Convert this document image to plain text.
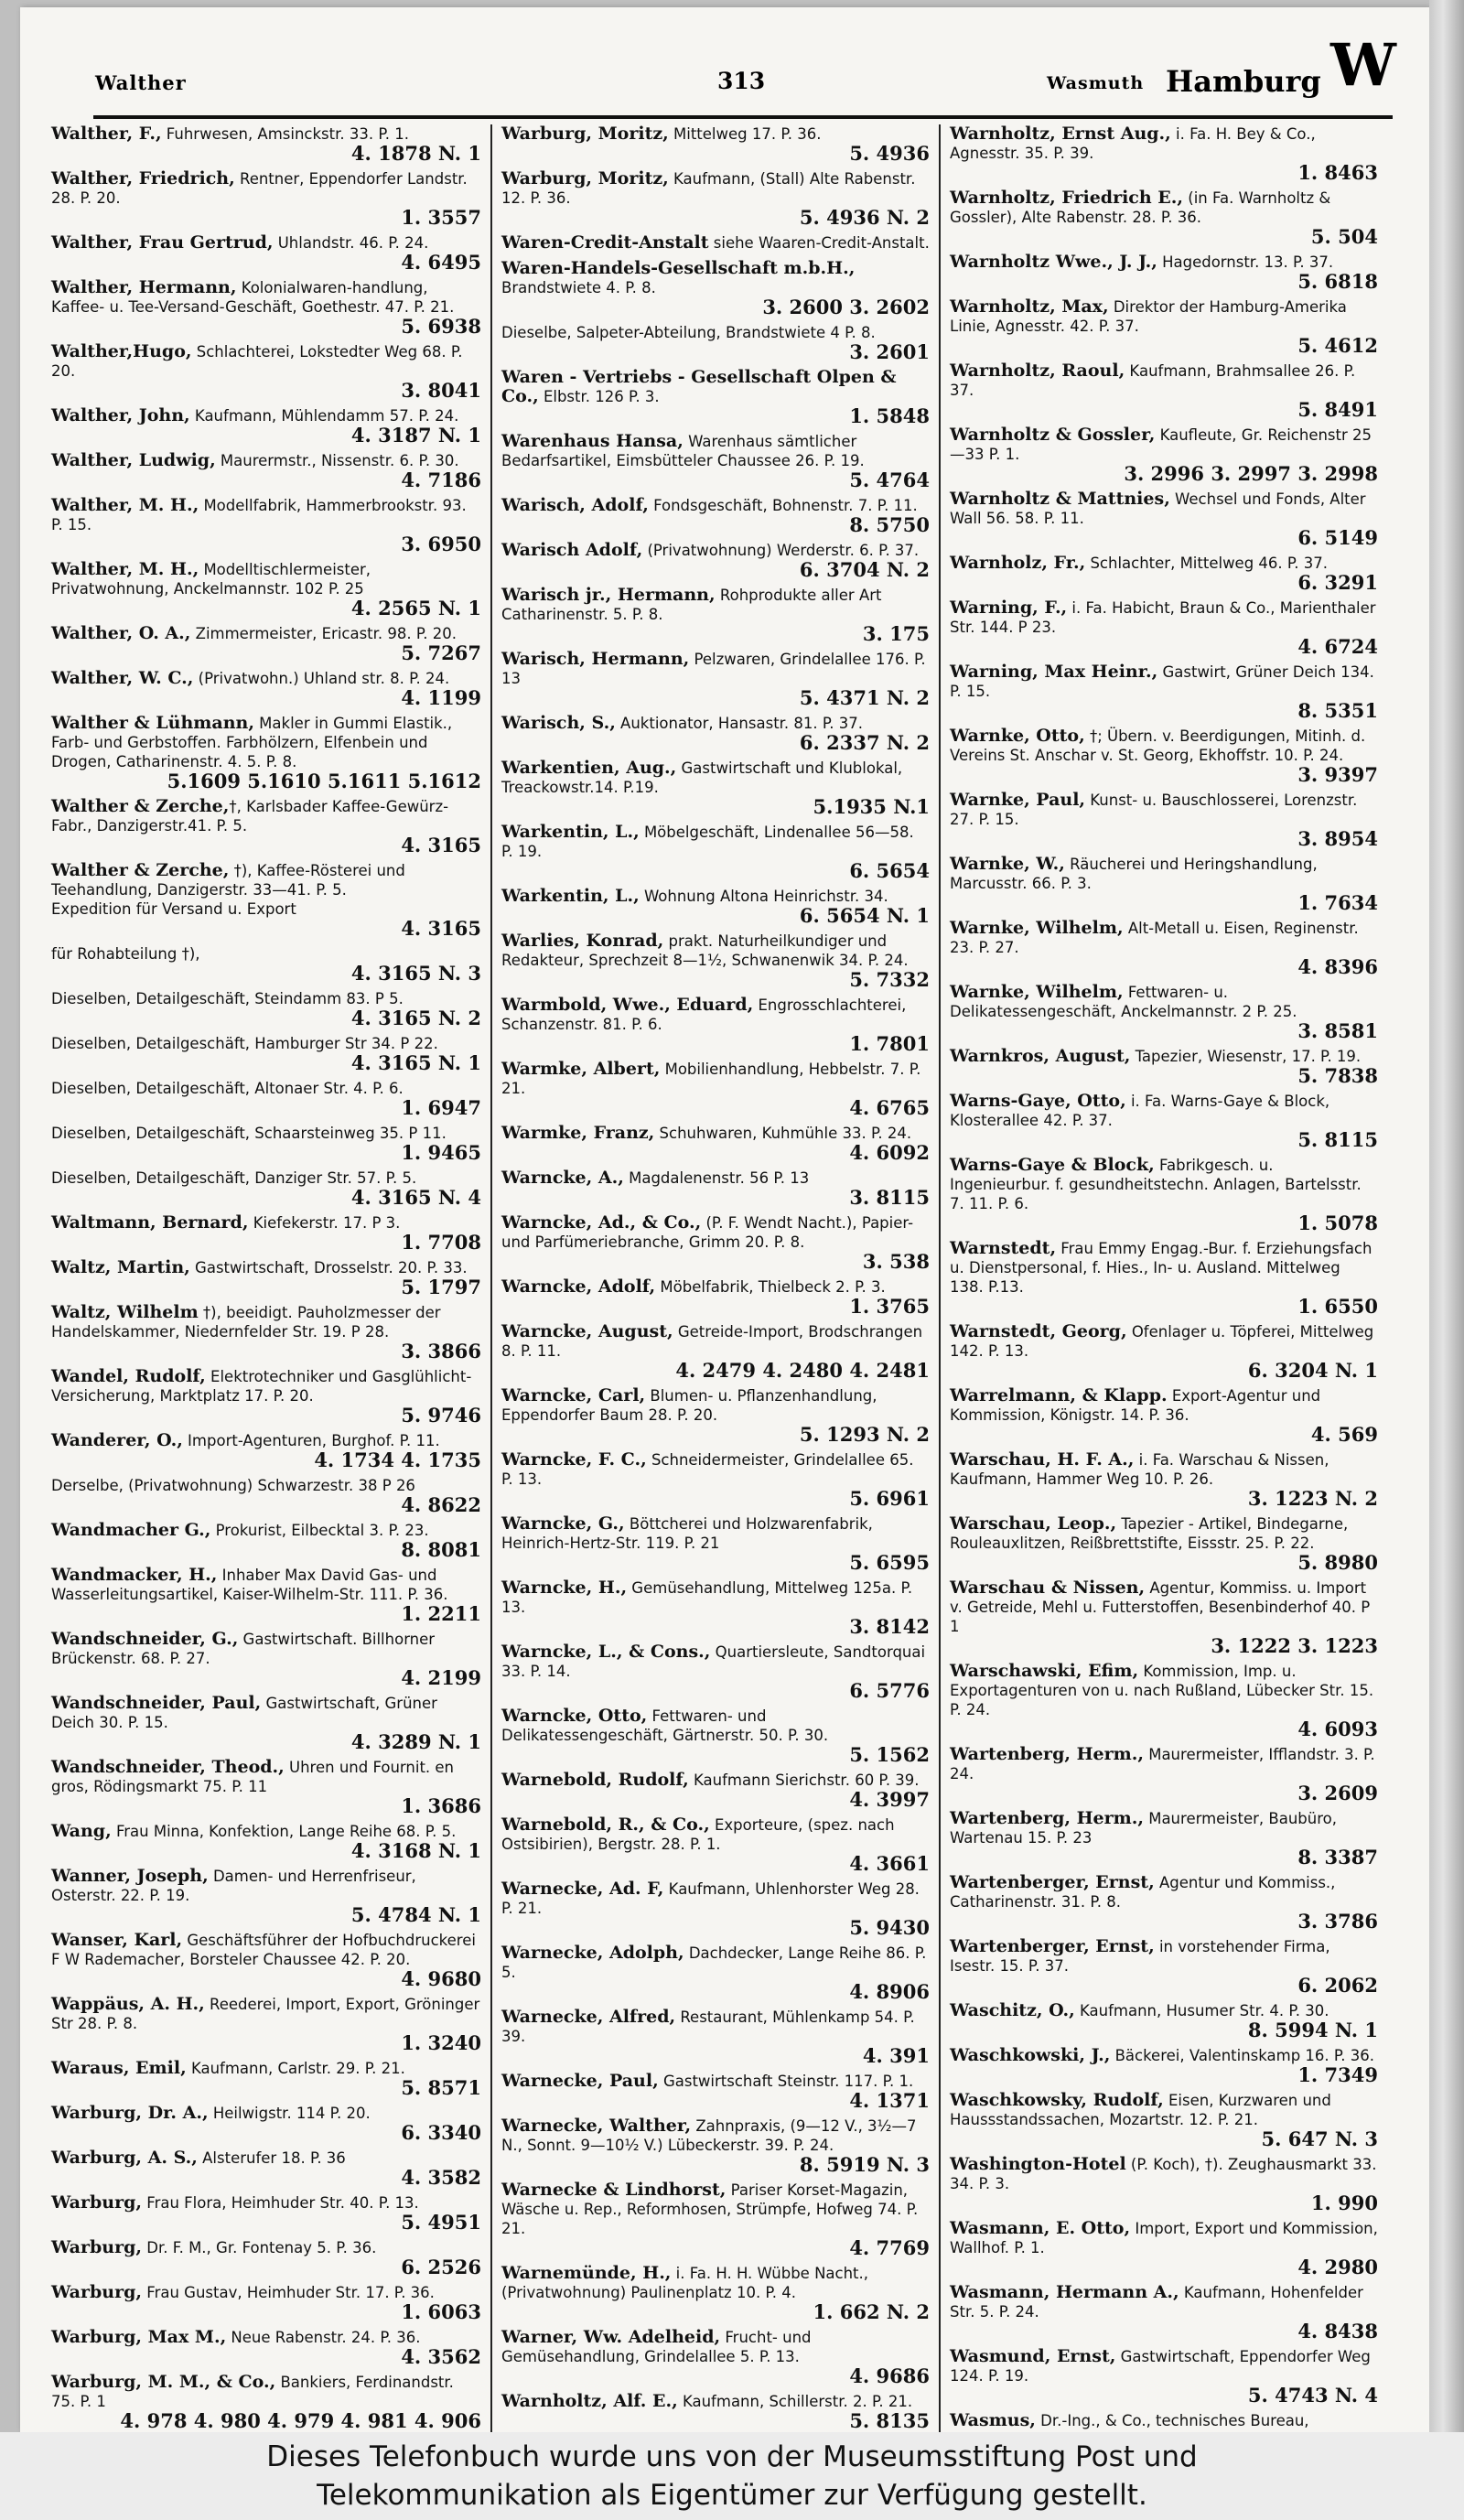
Walther	313	Wasmuth Hamburg W
Walther, F., Fuhrwesen, Amsinckstr. 33. P. 1.
4. 1878 N. 1
Walther, Friedrich, Rentner, Eppendorfer Landstr. 28. P. 20.
1. 3557
Walther, Frau Gertrud, Uhlandstr. 46. P. 24.
4. 6495
Walther, Hermann, Kolonialwaren-handlung, Kaffee- u. Tee-Versand-Geschäft, Goethestr. 47. P. 21.
5. 6938
Walther,Hugo, Schlachterei, Lokstedter Weg 68. P. 20.
3. 8041
Walther, John, Kaufmann, Mühlendamm 57. P. 24.
4. 3187 N. 1
Walther, Ludwig, Maurermstr., Nissenstr. 6. P. 30.
4. 7186
Walther, M. H., Modellfabrik, Hammerbrookstr. 93. P. 15.
3. 6950
Walther, M. H., Modelltischlermeister, Privatwohnung, Anckelmannstr. 102 P. 25
4. 2565 N. 1
Walther, O. A., Zimmermeister, Ericastr. 98. P. 20.
5. 7267
Walther, W. C., (Privatwohn.) Uhland str. 8. P. 24.
4. 1199
Walther & Lühmann, Makler in Gummi Elastik., Farb- und Gerbstoffen. Farbhölzern, Elfenbein und Drogen, Catharinenstr. 4. 5. P. 8.
5.1609 5.1610 5.1611 5.1612
Walther & Zerche,†, Karlsbader Kaffee-Gewürz-Fabr., Danzigerstr.41. P. 5.
4. 3165
Walther & Zerche, †), Kaffee-Rösterei und Teehandlung, Danzigerstr. 33—41. P. 5.
Expedition für Versand u. Export
4. 3165
für Rohabteilung †),
4. 3165 N. 3
Dieselben, Detailgeschäft, Steindamm 83. P 5.
4. 3165 N. 2
Dieselben, Detailgeschäft, Hamburger Str 34. P 22.
4. 3165 N. 1
Dieselben, Detailgeschäft, Altonaer Str. 4. P. 6.
1. 6947
Dieselben, Detailgeschäft, Schaarsteinweg 35. P 11.
1. 9465
Dieselben, Detailgeschäft, Danziger Str. 57. P. 5.
4. 3165 N. 4
Waltmann, Bernard, Kiefekerstr. 17. P 3.
1. 7708
Waltz, Martin, Gastwirtschaft, Drosselstr. 20. P. 33.
5. 1797
Waltz, Wilhelm †), beeidigt. Pauholzmesser der Handelskammer, Niedernfelder Str. 19. P 28.
3. 3866
Wandel, Rudolf, Elektrotechniker und Gasglühlicht-Versicherung, Marktplatz 17. P. 20.
5. 9746
Wanderer, O., Import-Agenturen, Burghof. P. 11.
4. 1734 4. 1735
Derselbe, (Privatwohnung) Schwarzestr. 38 P 26
4. 8622
Wandmacher G., Prokurist, Eilbecktal 3. P. 23.
8. 8081
Wandmacker, H., Inhaber Max David Gas- und Wasserleitungsartikel, Kaiser-Wilhelm-Str. 111. P. 36.
1. 2211
Wandschneider, G., Gastwirtschaft. Billhorner Brückenstr. 68. P. 27.
4. 2199
Wandschneider, Paul, Gastwirtschaft, Grüner Deich 30. P. 15.
4. 3289 N. 1
Wandschneider, Theod., Uhren und Fournit. en gros, Rödingsmarkt 75. P. 11
1. 3686
Wang, Frau Minna, Konfektion, Lange Reihe 68. P. 5.
4. 3168 N. 1
Wanner, Joseph, Damen- und Herrenfriseur, Osterstr. 22. P. 19.
5. 4784 N. 1
Wanser, Karl, Geschäftsführer der Hofbuchdruckerei F W Rademacher, Borsteler Chaussee 42. P. 20.
4. 9680
Wappäus, A. H., Reederei, Import, Export, Gröninger Str 28. P. 8.
1. 3240
Waraus, Emil, Kaufmann, Carlstr. 29. P. 21.
5. 8571
Warburg, Dr. A., Heilwigstr. 114 P. 20.
6. 3340
Warburg, A. S., Alsterufer 18. P. 36
4. 3582
Warburg, Frau Flora, Heimhuder Str. 40. P. 13.
5. 4951
Warburg, Dr. F. M., Gr. Fontenay 5. P. 36.
6. 2526
Warburg, Frau Gustav, Heimhuder Str. 17. P. 36.
1. 6063
Warburg, Max M., Neue Rabenstr. 24. P. 36.
4. 3562
Warburg, M. M., & Co., Bankiers, Ferdinandstr. 75. P. 1
4. 978 4. 980 4. 979 4. 981 4. 906
Warburg, Moritz, Mittelweg 17. P. 36.
5. 4936
Warburg, Moritz, Kaufmann, (Stall) Alte Rabenstr. 12. P. 36.
5. 4936 N. 2
Waren-Credit-Anstalt siehe Waaren-Credit-Anstalt.
Waren-Handels-Gesellschaft m.b.H., Brandstwiete 4. P. 8.
3. 2600 3. 2602
Dieselbe, Salpeter-Abteilung, Brandstwiete 4 P. 8.
3. 2601
Waren - Vertriebs - Gesellschaft Olpen & Co., Elbstr. 126 P. 3.
1. 5848
Warenhaus Hansa, Warenhaus sämtlicher Bedarfsartikel, Eimsbütteler Chaussee 26. P. 19.
5. 4764
Warisch, Adolf, Fondsgeschäft, Bohnenstr. 7. P. 11.
8. 5750
Warisch Adolf, (Privatwohnung) Werderstr. 6. P. 37.
6. 3704 N. 2
Warisch jr., Hermann, Rohprodukte aller Art Catharinenstr. 5. P. 8.
3. 175
Warisch, Hermann, Pelzwaren, Grindelallee 176. P. 13
5. 4371 N. 2
Warisch, S., Auktionator, Hansastr. 81. P. 37.
6. 2337 N. 2
Warkentien, Aug., Gastwirtschaft und Klublokal, Treackowstr.14. P.19.
5.1935 N.1
Warkentin, L., Möbelgeschäft, Lindenallee 56—58. P. 19.
6. 5654
Warkentin, L., Wohnung Altona Heinrichstr. 34.
6. 5654 N. 1
Warlies, Konrad, prakt. Naturheilkundiger und Redakteur, Sprechzeit 8—1½, Schwanenwik 34. P. 24.
5. 7332
Warmbold, Wwe., Eduard, Engrosschlachterei, Schanzenstr. 81. P. 6.
1. 7801
Warmke, Albert, Mobilienhandlung, Hebbelstr. 7. P. 21.
4. 6765
Warmke, Franz, Schuhwaren, Kuhmühle 33. P. 24.
4. 6092
Warncke, A., Magdalenenstr. 56 P. 13
3. 8115
Warncke, Ad., & Co., (P. F. Wendt Nacht.), Papier- und Parfümeriebranche, Grimm 20. P. 8.
3. 538
Warncke, Adolf, Möbelfabrik, Thielbeck 2. P. 3.
1. 3765
Warncke, August, Getreide-Import, Brodschrangen 8. P. 11.
4. 2479 4. 2480 4. 2481
Warncke, Carl, Blumen- u. Pflanzenhandlung, Eppendorfer Baum 28. P. 20.
5. 1293 N. 2
Warncke, F. C., Schneidermeister, Grindelallee 65. P. 13.
5. 6961
Warncke, G., Böttcherei und Holzwarenfabrik, Heinrich-Hertz-Str. 119. P. 21
5. 6595
Warncke, H., Gemüsehandlung, Mittelweg 125a. P. 13.
3. 8142
Warncke, L., & Cons., Quartiersleute, Sandtorquai 33. P. 14.
6. 5776
Warncke, Otto, Fettwaren- und Delikatessengeschäft, Gärtnerstr. 50. P. 30.
5. 1562
Warnebold, Rudolf, Kaufmann Sierichstr. 60 P. 39.
4. 3997
Warnebold, R., & Co., Exporteure, (spez. nach Ostsibirien), Bergstr. 28. P. 1.
4. 3661
Warnecke, Ad. F, Kaufmann, Uhlenhorster Weg 28. P. 21.
5. 9430
Warnecke, Adolph, Dachdecker, Lange Reihe 86. P. 5.
4. 8906
Warnecke, Alfred, Restaurant, Mühlenkamp 54. P. 39.
4. 391
Warnecke, Paul, Gastwirtschaft Steinstr. 117. P. 1.
4. 1371
Warnecke, Walther, Zahnpraxis, (9—12 V., 3½—7 N., Sonnt. 9—10½ V.) Lübeckerstr. 39. P. 24.
8. 5919 N. 3
Warnecke & Lindhorst, Pariser Korset-Magazin, Wäsche u. Rep., Reformhosen, Strümpfe, Hofweg 74. P. 21.
4. 7769
Warnemünde, H., i. Fa. H. H. Wübbe Nacht., (Privatwohnung) Paulinenplatz 10. P. 4.
1. 662 N. 2
Warner, Ww. Adelheid, Frucht- und Gemüsehandlung, Grindelallee 5. P. 13.
4. 9686
Warnholtz, Alf. E., Kaufmann, Schillerstr. 2. P. 21.
5. 8135
Warnholtz, Ernst Aug., i. Fa. H. Bey & Co., Agnesstr. 35. P. 39.
1. 8463
Warnholtz, Friedrich E., (in Fa. Warnholtz & Gossler), Alte Rabenstr. 28. P. 36.
5. 504
Warnholtz Wwe., J. J., Hagedornstr. 13. P. 37.
5. 6818
Warnholtz, Max, Direktor der Hamburg-Amerika Linie, Agnesstr. 42. P. 37.
5. 4612
Warnholtz, Raoul, Kaufmann, Brahmsallee 26. P. 37.
5. 8491
Warnholtz & Gossler, Kaufleute, Gr. Reichenstr 25—33 P. 1.
3. 2996 3. 2997 3. 2998
Warnholtz & Mattnies, Wechsel und Fonds, Alter Wall 56. 58. P. 11.
6. 5149
Warnholz, Fr., Schlachter, Mittelweg 46. P. 37.
6. 3291
Warning, F., i. Fa. Habicht, Braun & Co., Marienthaler Str. 144. P 23.
4. 6724
Warning, Max Heinr., Gastwirt, Grüner Deich 134. P. 15.
8. 5351
Warnke, Otto, †; Übern. v. Beerdigungen, Mitinh. d. Vereins St. Anschar v. St. Georg, Ekhoffstr. 10. P. 24.
3. 9397
Warnke, Paul, Kunst- u. Bauschlosserei, Lorenzstr. 27. P. 15.
3. 8954
Warnke, W., Räucherei und Heringshandlung, Marcusstr. 66. P. 3.
1. 7634
Warnke, Wilhelm, Alt-Metall u. Eisen, Reginenstr. 23. P. 27.
4. 8396
Warnke, Wilhelm, Fettwaren- u. Delikatessengeschäft, Anckelmannstr. 2 P. 25.
3. 8581
Warnkros, August, Tapezier, Wiesenstr, 17. P. 19.
5. 7838
Warns-Gaye, Otto, i. Fa. Warns-Gaye & Block, Klosterallee 42. P. 37.
5. 8115
Warns-Gaye & Block, Fabrikgesch. u. Ingenieurbur. f. gesundheitstechn. Anlagen, Bartelsstr. 7. 11. P. 6.
1. 5078
Warnstedt, Frau Emmy Engag.-Bur. f. Erziehungsfach u. Dienstpersonal, f. Hies., In- u. Ausland. Mittelweg 138. P.13.
1. 6550
Warnstedt, Georg, Ofenlager u. Töpferei, Mittelweg 142. P. 13.
6. 3204 N. 1
Warrelmann, & Klapp. Export-Agentur und Kommission, Königstr. 14. P. 36.
4. 569
Warschau, H. F. A., i. Fa. Warschau & Nissen, Kaufmann, Hammer Weg 10. P. 26.
3. 1223 N. 2
Warschau, Leop., Tapezier - Artikel, Bindegarne, Rouleauxlitzen, Reißbrettstifte, Eissstr. 25. P. 22.
5. 8980
Warschau & Nissen, Agentur, Kommiss. u. Import v. Getreide, Mehl u. Futterstoffen, Besenbinderhof 40. P 1
3. 1222 3. 1223
Warschawski, Efim, Kommission, Imp. u. Exportagenturen von u. nach Rußland, Lübecker Str. 15. P. 24.
4. 6093
Wartenberg, Herm., Maurermeister, Ifflandstr. 3. P. 24.
3. 2609
Wartenberg, Herm., Maurermeister, Baubüro, Wartenau 15. P. 23
8. 3387
Wartenberger, Ernst, Agentur und Kommiss., Catharinenstr. 31. P. 8.
3. 3786
Wartenberger, Ernst, in vorstehender Firma, Isestr. 15. P. 37.
6. 2062
Waschitz, O., Kaufmann, Husumer Str. 4. P. 30.
8. 5994 N. 1
Waschkowski, J., Bäckerei, Valentinskamp 16. P. 36.
1. 7349
Waschkowsky, Rudolf, Eisen, Kurzwaren und Haussstandssachen, Mozartstr. 12. P. 21.
5. 647 N. 3
Washington-Hotel (P. Koch), †). Zeughausmarkt 33. 34. P. 3.
1. 990
Wasmann, E. Otto, Import, Export und Kommission, Wallhof. P. 1.
4. 2980
Wasmann, Hermann A., Kaufmann, Hohenfelder Str. 5. P. 24.
4. 8438
Wasmund, Ernst, Gastwirtschaft, Eppendorfer Weg 124. P. 19.
5. 4743 N. 4
Wasmus, Dr.-Ing., & Co., technisches Bureau,
Dieses Telefonbuch wurde uns von der Museumsstiftung Post und
Telekommunikation als Eigentümer zur Verfügung gestellt.
